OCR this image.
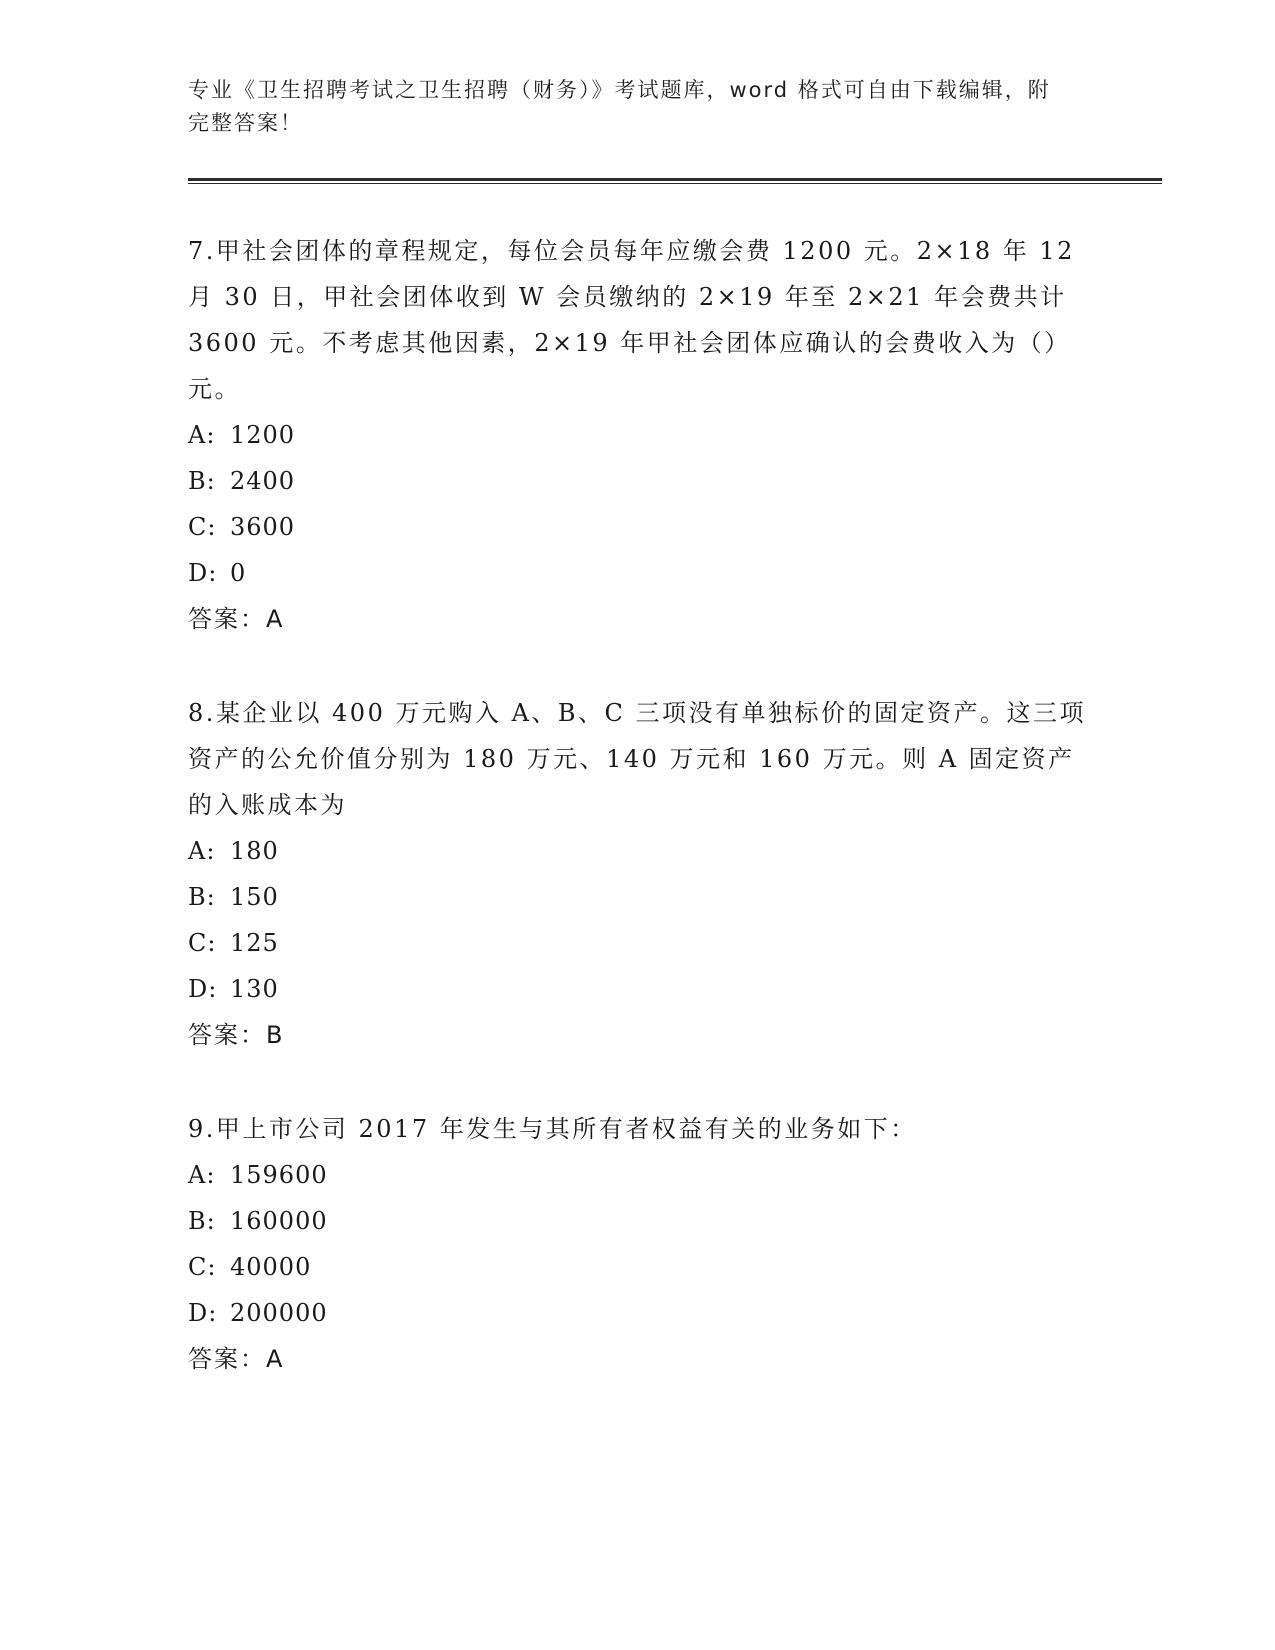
专业《卫生招聘考试之卫生招聘（财务）》考试题库，word 格式可自由下载编辑，附完整答案！

7.甲社会团体的章程规定，每位会员每年应缴会费 1200 元。2×18 年 12 月 30 日，甲社会团体收到 W 会员缴纳的 2×19 年至 2×21 年会费共计 3600 元。不考虑其他因素，2×19 年甲社会团体应确认的会费收入为（）元。

A: 1200

B: 2400

C: 3600

D: 0

答案：A

8.某企业以 400 万元购入 A、B、C 三项没有单独标价的固定资产。这三项资产的公允价值分别为 180 万元、140 万元和 160 万元。则 A 固定资产的入账成本为

A: 180

B: 150

C: 125

D: 130

答案：B

9.甲上市公司 2017 年发生与其所有者权益有关的业务如下：

A: 159600

B: 160000

C: 40000

D: 200000

答案：A
